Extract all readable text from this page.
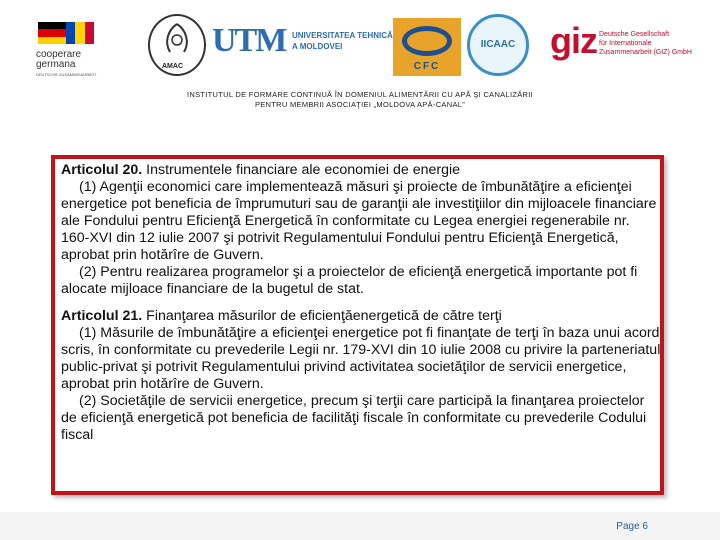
cooperare
germana
DEUTSCHE ZUSAMMENARBEIT
AMAC
UTM UNIVERSITATEA TEHNICĂ
A MOLDOVEI
CFC
IICAAC giz Deutsche Gesellschaft
für Internationale
Zusammenarbeit (GIZ) GmbH
INSTITUTUL DE FORMARE CONTINUĂ ÎN DOMENIUL ALIMENTĂRII CU APĂ ŞI CANALIZĂRII
PENTRU MEMBRII ASOCIAŢIEI „MOLDOVA APĂ-CANAL”

Articolul 20. Instrumentele financiare ale economiei de energie

(1) Agenţii economici care implementează măsuri şi proiecte de îmbunătăţire a eficienţei energetice pot beneficia de împrumuturi sau de garanţii ale investiţiilor din mijloacele financiare ale Fondului pentru Eficienţă Energetică în conformitate cu Legea energiei regenerabile nr. 160-XVI din 12 iulie 2007 şi potrivit Regulamentului Fondului pentru Eficienţă Energetică, aprobat prin hotărîre de Guvern.

(2) Pentru realizarea programelor şi a proiectelor de eficienţă energetică importante pot fi alocate mijloace financiare de la bugetul de stat.

Articolul 21. Finanţarea măsurilor de eficienţăenergetică de către terţi

(1) Măsurile de îmbunătăţire a eficienţei energetice pot fi finanţate de terţi în baza unui acord scris, în conformitate cu prevederile Legii nr. 179-XVI din 10 iulie 2008 cu privire la parteneriatul public-privat şi potrivit Regulamentului privind activitatea societăţilor de servicii energetice, aprobat prin hotărîre de Guvern.

(2) Societăţile de servicii energetice, precum şi terţii care participă la finanţarea proiectelor de eficienţă energetică pot beneficia de facilităţi fiscale în conformitate cu prevederile Codului fiscal

Page 6
